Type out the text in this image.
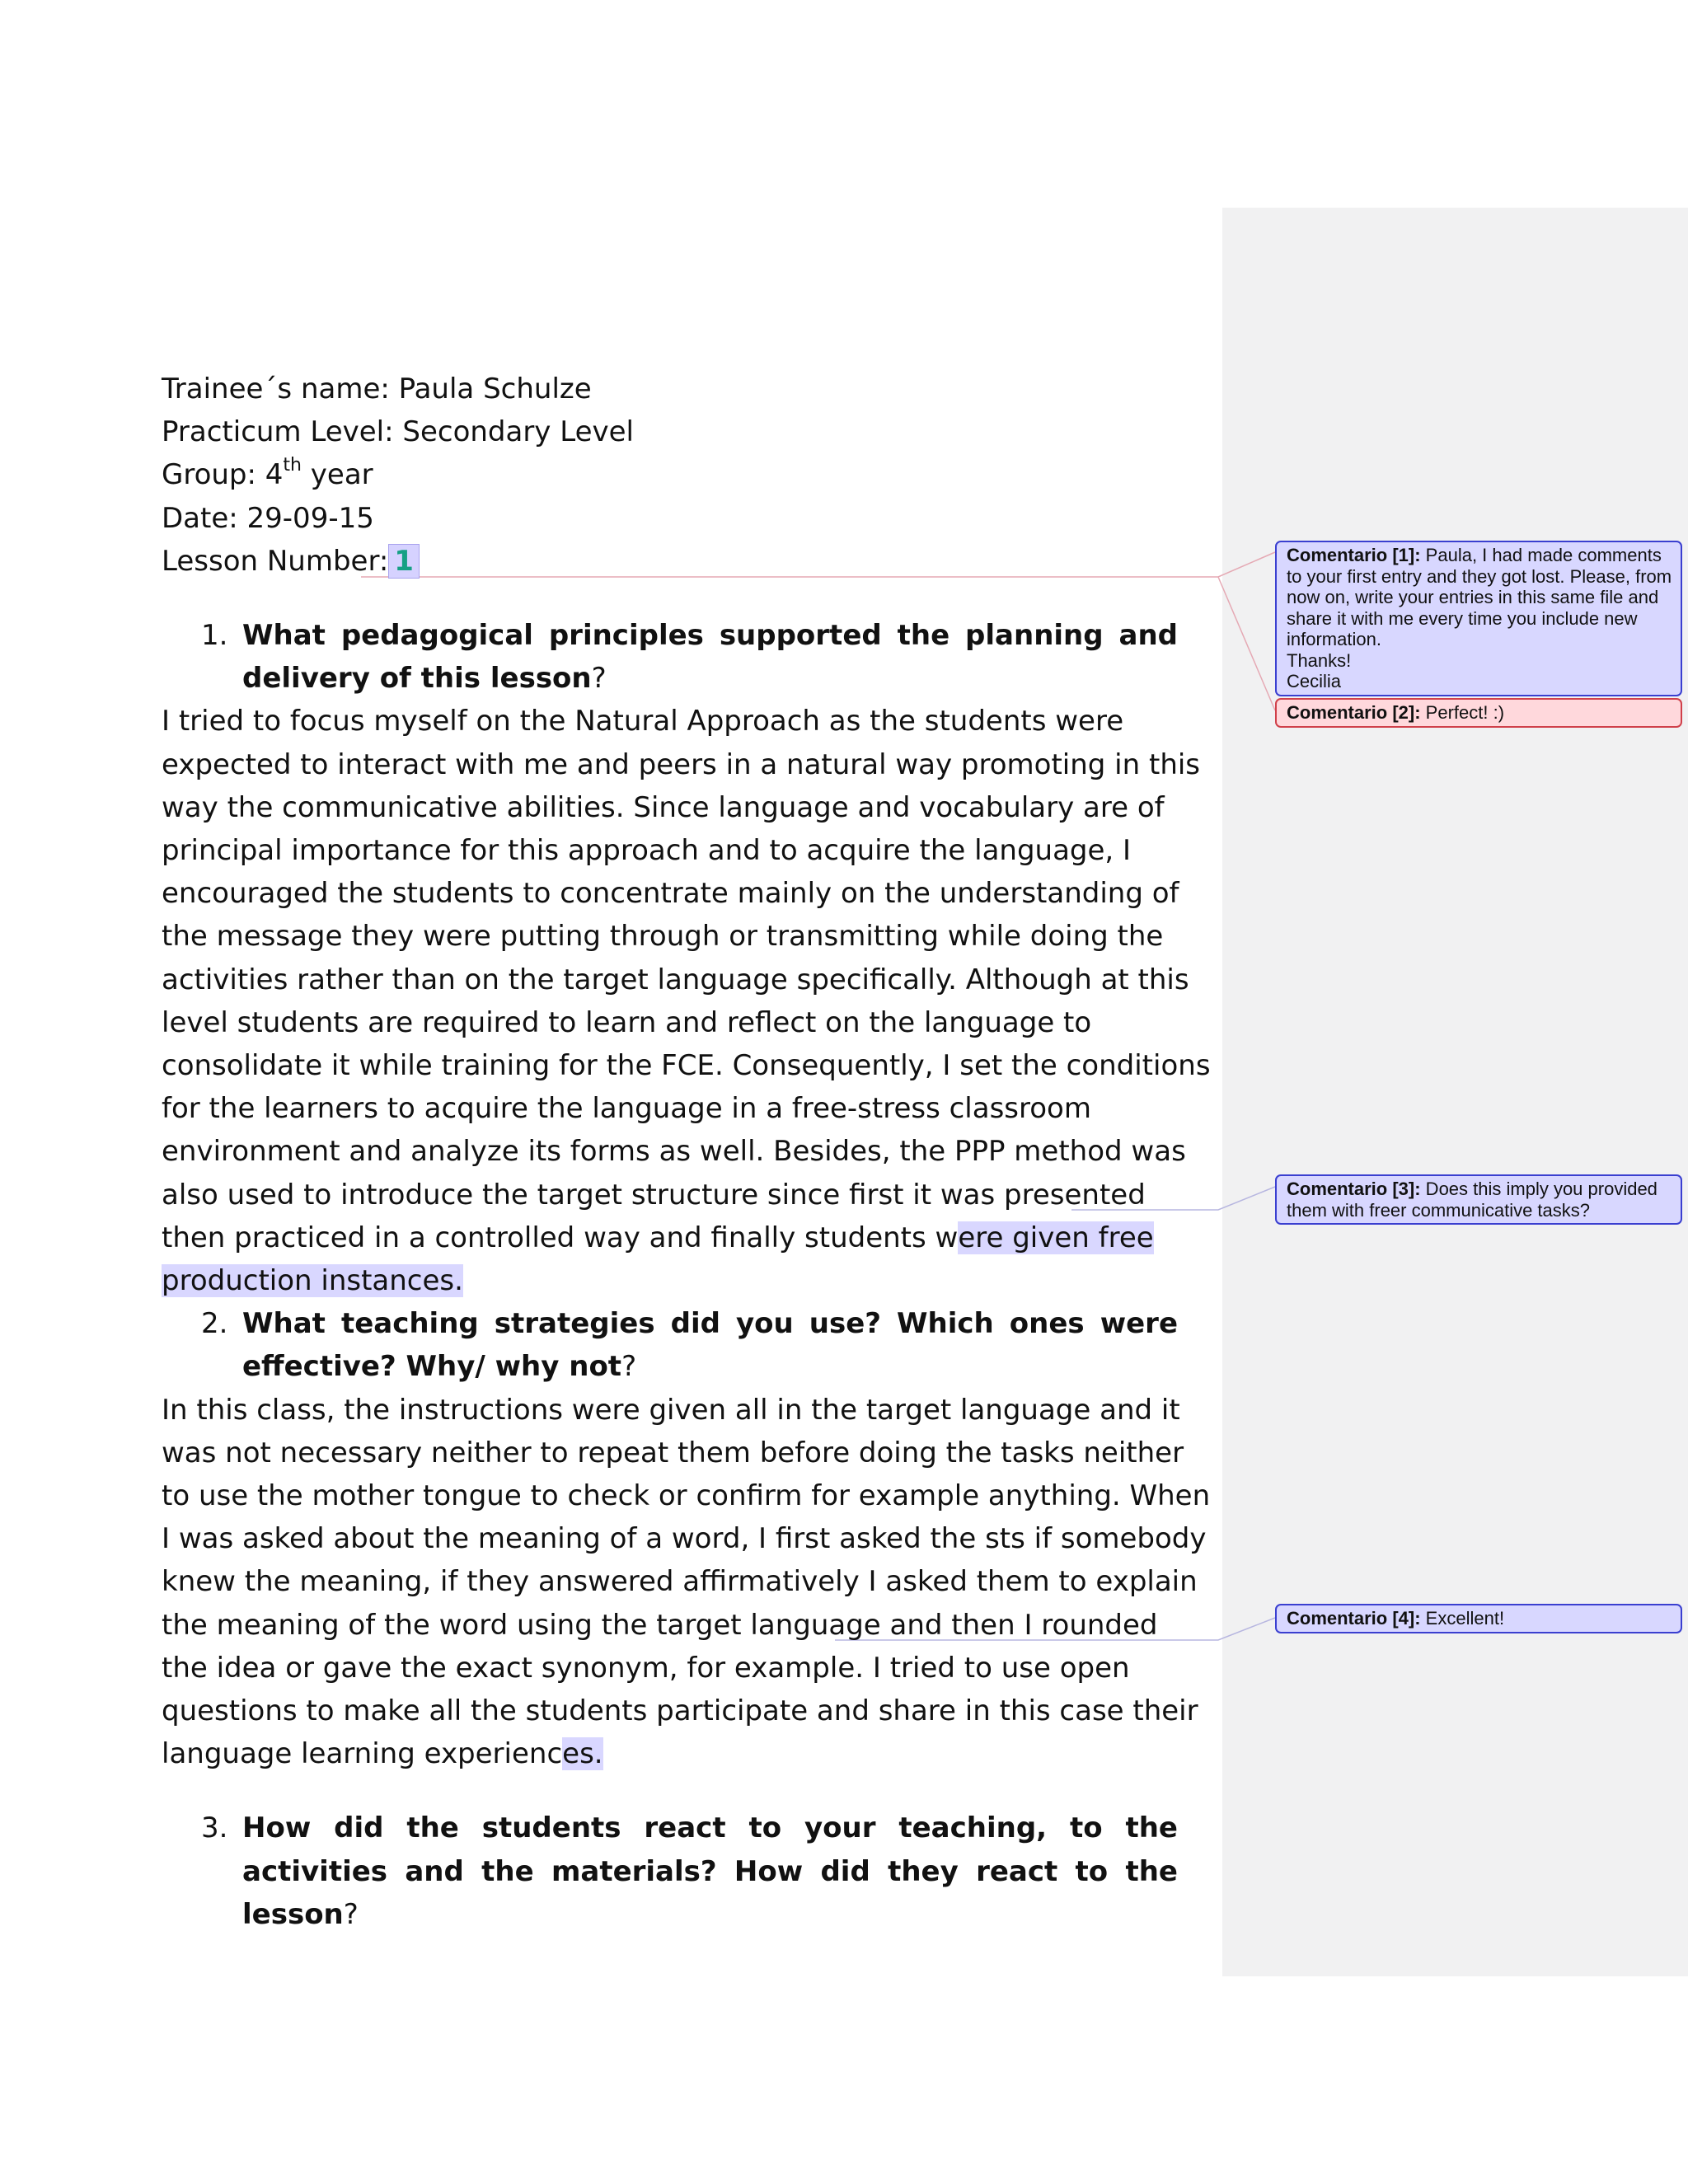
Trainee´s name: Paula Schulze
Practicum Level: Secondary Level
Group: 4th year
Date: 29-09-15
Lesson Number: 1
1. What pedagogical principles supported the planning and delivery of this lesson?

I tried to focus myself on the Natural Approach as the students were expected to interact with me and peers in a natural way promoting in this way the communicative abilities. Since language and vocabulary are of principal importance for this approach and to acquire the language, I encouraged the students to concentrate mainly on the understanding of the message they were putting through or transmitting while doing the activities rather than on the target language specifically. Although at this level students are required to learn and reflect on the language to consolidate it while training for the FCE. Consequently, I set the conditions for the learners to acquire the language in a free-stress classroom environment and analyze its forms as well. Besides, the PPP method was also used to introduce the target structure since first it was presented then practiced in a controlled way and finally students were given free production instances.

2. What teaching strategies did you use? Which ones were effective? Why/ why not?

In this class, the instructions were given all in the target language and it was not necessary neither to repeat them before doing the tasks neither to use the mother tongue to check or confirm for example anything. When I was asked about the meaning of a word, I first asked the sts if somebody knew the meaning, if they answered affirmatively I asked them to explain the meaning of the word using the target language and then I rounded the idea or gave the exact synonym, for example. I tried to use open questions to make all the students participate and share in this case their language learning experiences.

3. How did the students react to your teaching, to the activities and the materials? How did they react to the lesson?
Comentario [1]: Paula, I had made comments
to your first entry and they got lost. Please, from
now on, write your entries in this same file and
share it with me every time you include new
information.
Thanks!
Cecilia
Comentario [2]: Perfect! :)
Comentario [3]: Does this imply you provided
them with freer communicative tasks?
Comentario [4]: Excellent!
